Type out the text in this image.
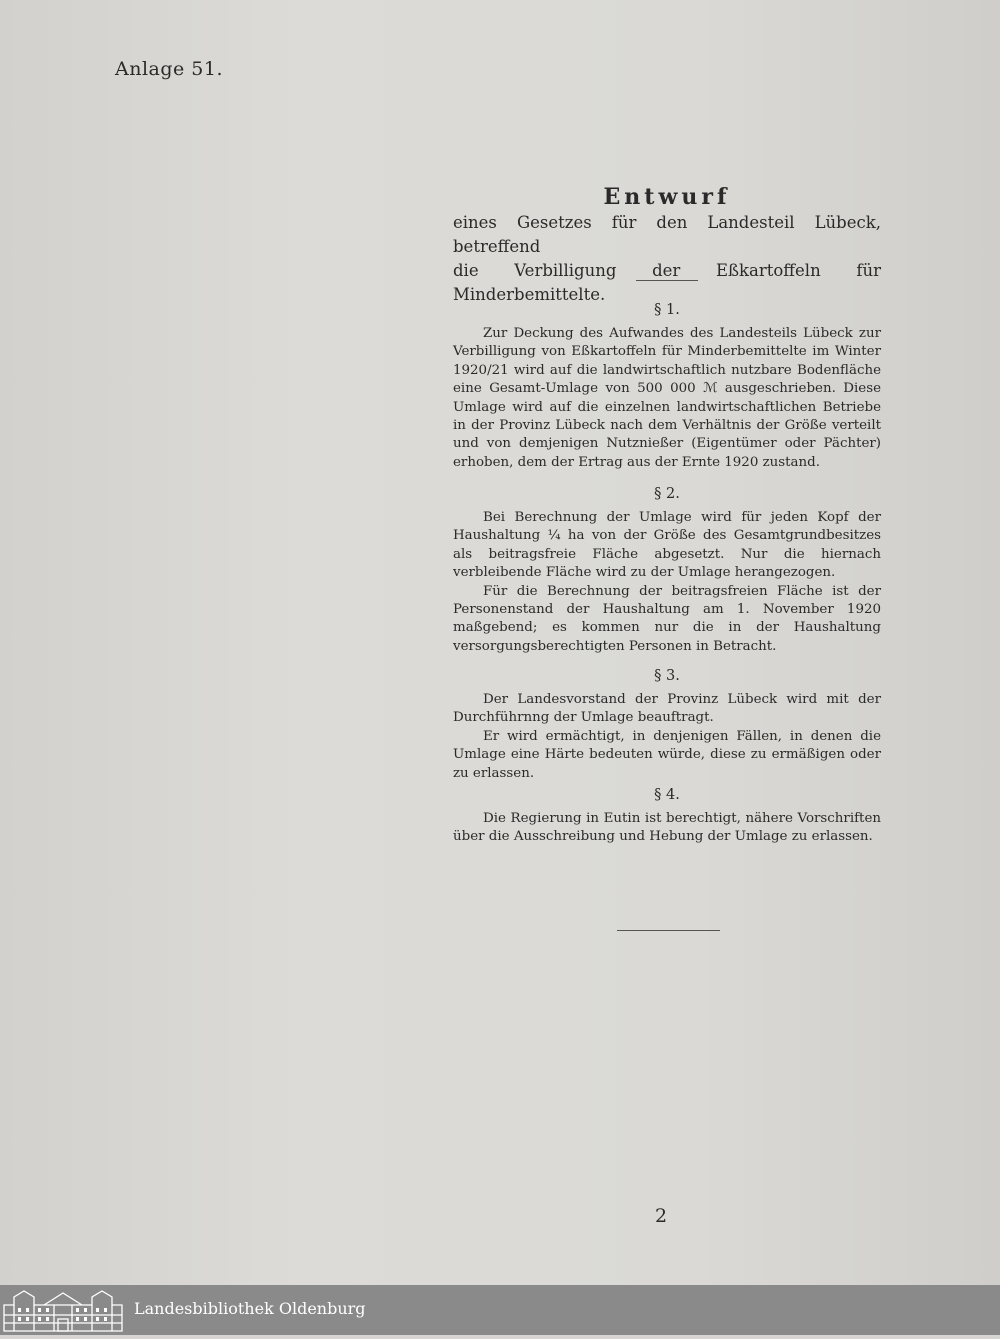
Anlage 51.
Entwurf
eines Gesetzes für den Landesteil Lübeck, betreffend
die Verbilligung der Eßkartoffeln für Minderbemittelte.
§ 1.

Zur Deckung des Aufwandes des Landesteils Lübeck zur Verbilligung von Eßkartoffeln für Minderbemittelte im Winter 1920/21 wird auf die landwirtschaftlich nutzbare Bodenfläche eine Gesamt-Umlage von 500 000 ℳ ausgeschrieben. Diese Umlage wird auf die einzelnen landwirtschaftlichen Betriebe in der Provinz Lübeck nach dem Verhältnis der Größe verteilt und von demjenigen Nutznießer (Eigentümer oder Pächter) erhoben, dem der Ertrag aus der Ernte 1920 zustand.

§ 2.

Bei Berechnung der Umlage wird für jeden Kopf der Haushaltung ¼ ha von der Größe des Gesamtgrundbesitzes als beitragsfreie Fläche abgesetzt. Nur die hiernach verbleibende Fläche wird zu der Umlage herangezogen.

Für die Berechnung der beitragsfreien Fläche ist der Personenstand der Haushaltung am 1. November 1920 maßgebend; es kommen nur die in der Haushaltung versorgungsberechtigten Personen in Betracht.

§ 3.

Der Landesvorstand der Provinz Lübeck wird mit der Durchführnng der Umlage beauftragt.

Er wird ermächtigt, in denjenigen Fällen, in denen die Umlage eine Härte bedeuten würde, diese zu ermäßigen oder zu erlassen.

§ 4.

Die Regierung in Eutin ist berechtigt, nähere Vorschriften über die Ausschreibung und Hebung der Umlage zu erlassen.

2
Landesbibliothek Oldenburg
